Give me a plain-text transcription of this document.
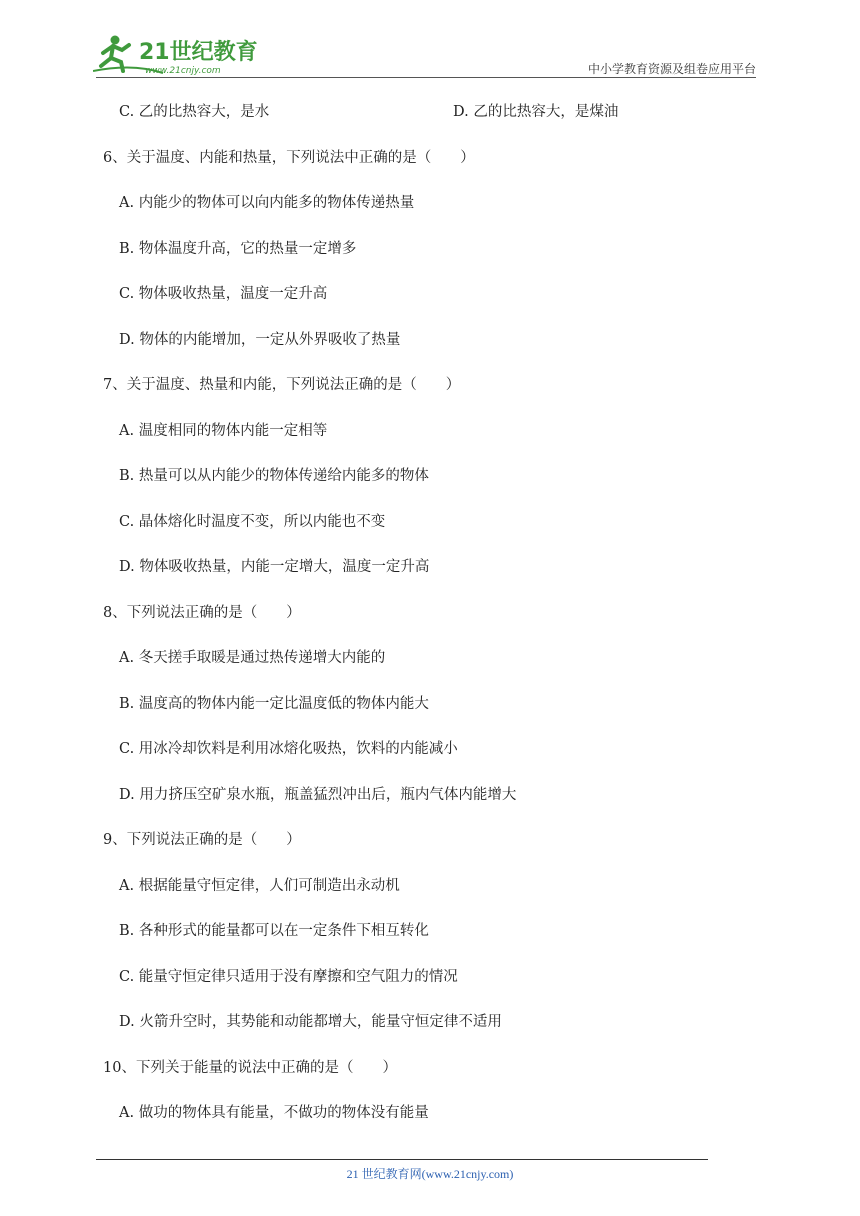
21世纪教育
www.21cnjy.com	中小学教育资源及组卷应用平台
C. 乙的比热容大，是水	D. 乙的比热容大，是煤油
6、关于温度、内能和热量，下列说法中正确的是（　　）
A. 内能少的物体可以向内能多的物体传递热量
B. 物体温度升高，它的热量一定增多
C. 物体吸收热量，温度一定升高
D. 物体的内能增加，一定从外界吸收了热量
7、关于温度、热量和内能，下列说法正确的是（　　）
A. 温度相同的物体内能一定相等
B. 热量可以从内能少的物体传递给内能多的物体
C. 晶体熔化时温度不变，所以内能也不变
D. 物体吸收热量，内能一定增大，温度一定升高
8、下列说法正确的是（　　）
A. 冬天搓手取暖是通过热传递增大内能的
B. 温度高的物体内能一定比温度低的物体内能大
C. 用冰冷却饮料是利用冰熔化吸热，饮料的内能减小
D. 用力挤压空矿泉水瓶，瓶盖猛烈冲出后，瓶内气体内能增大
9、下列说法正确的是（　　）
A. 根据能量守恒定律，人们可制造出永动机
B. 各种形式的能量都可以在一定条件下相互转化
C. 能量守恒定律只适用于没有摩擦和空气阻力的情况
D. 火箭升空时，其势能和动能都增大，能量守恒定律不适用
10、下列关于能量的说法中正确的是（　　）
A. 做功的物体具有能量，不做功的物体没有能量
21 世纪教育网(www.21cnjy.com)
